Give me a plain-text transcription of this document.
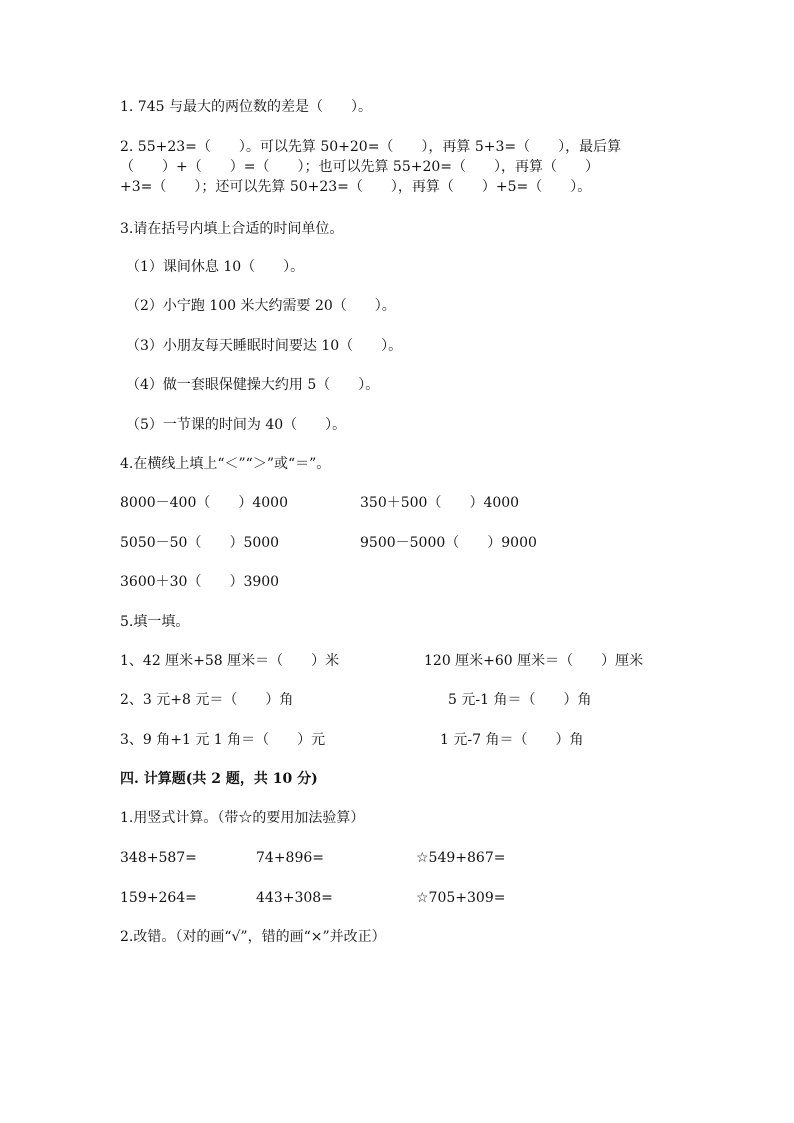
1. 745 与最大的两位数的差是（　　）。
2. 55+23=（　　）。可以先算 50+20=（　　），再算 5+3=（　　），最后算
（　　）+（　　）=（　　）；也可以先算 55+20=（　　），再算（　　）
+3=（　　）；还可以先算 50+23=（　　），再算（　　）+5=（　　）。
3.请在括号内填上合适的时间单位。
（1）课间休息 10（　　）。
（2）小宁跑 100 米大约需要 20（　　）。
（3）小朋友每天睡眠时间要达 10（　　）。
（4）做一套眼保健操大约用 5（　　）。
（5）一节课的时间为 40（　　）。
4.在横线上填上“＜”“＞”或“＝”。
8000－400（　　）4000	350＋500（　　）4000
5050－50（　　）5000	9500－5000（　　）9000
3600＋30（　　）3900
5.填一填。
1、42 厘米+58 厘米＝（　　）米	120 厘米+60 厘米＝（　　）厘米
2、3 元+8 元＝（　　）角	5 元-1 角＝（　　）角
3、9 角+1 元 1 角＝（　　）元	1 元-7 角＝（　　）角
四. 计算题(共 2 题，共 10 分)
1.用竖式计算。（带☆的要用加法验算）
348+587=	74+896=	☆549+867=
159+264=	443+308=	☆705+309=
2.改错。（对的画“√”，错的画“×”并改正）
